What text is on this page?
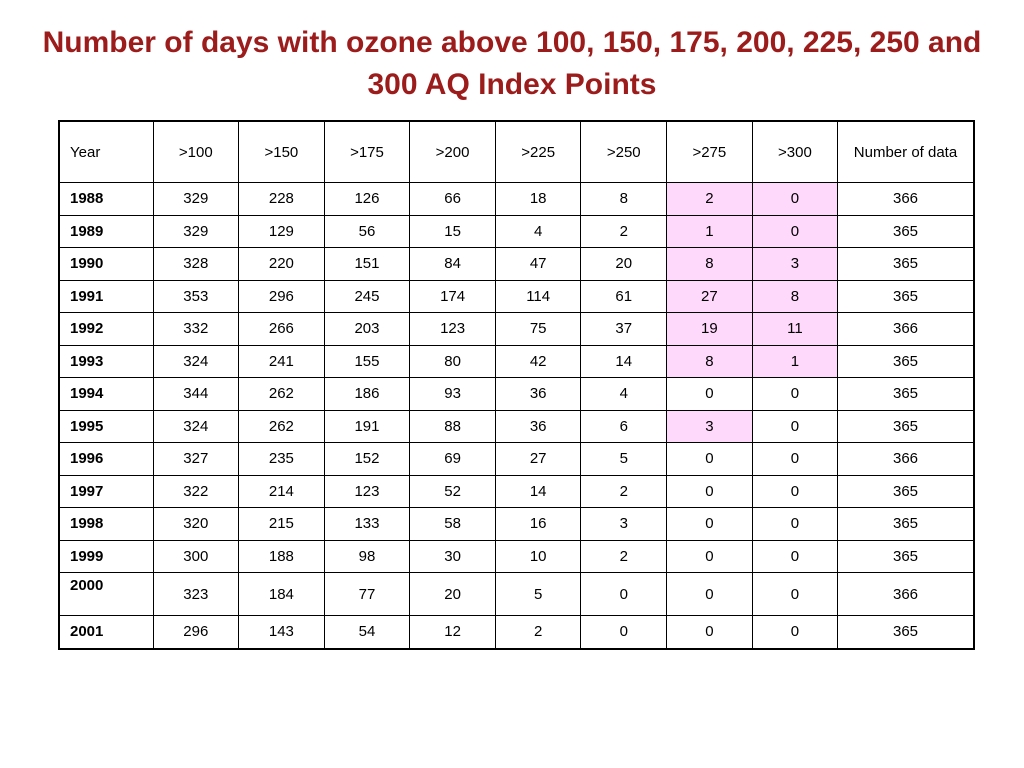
Number of days with ozone above 100, 150, 175, 200, 225, 250 and 300 AQ Index Points
Year	>100	>150	>175	>200	>225	>250	>275	>300	Number of data
1988	329	228	126	66	18	8	2	0	366
1989	329	129	56	15	4	2	1	0	365
1990	328	220	151	84	47	20	8	3	365
1991	353	296	245	174	114	61	27	8	365
1992	332	266	203	123	75	37	19	11	366
1993	324	241	155	80	42	14	8	1	365
1994	344	262	186	93	36	4	0	0	365
1995	324	262	191	88	36	6	3	0	365
1996	327	235	152	69	27	5	0	0	366
1997	322	214	123	52	14	2	0	0	365
1998	320	215	133	58	16	3	0	0	365
1999	300	188	98	30	10	2	0	0	365
2000	323	184	77	20	5	0	0	0	366
2001	296	143	54	12	2	0	0	0	365
